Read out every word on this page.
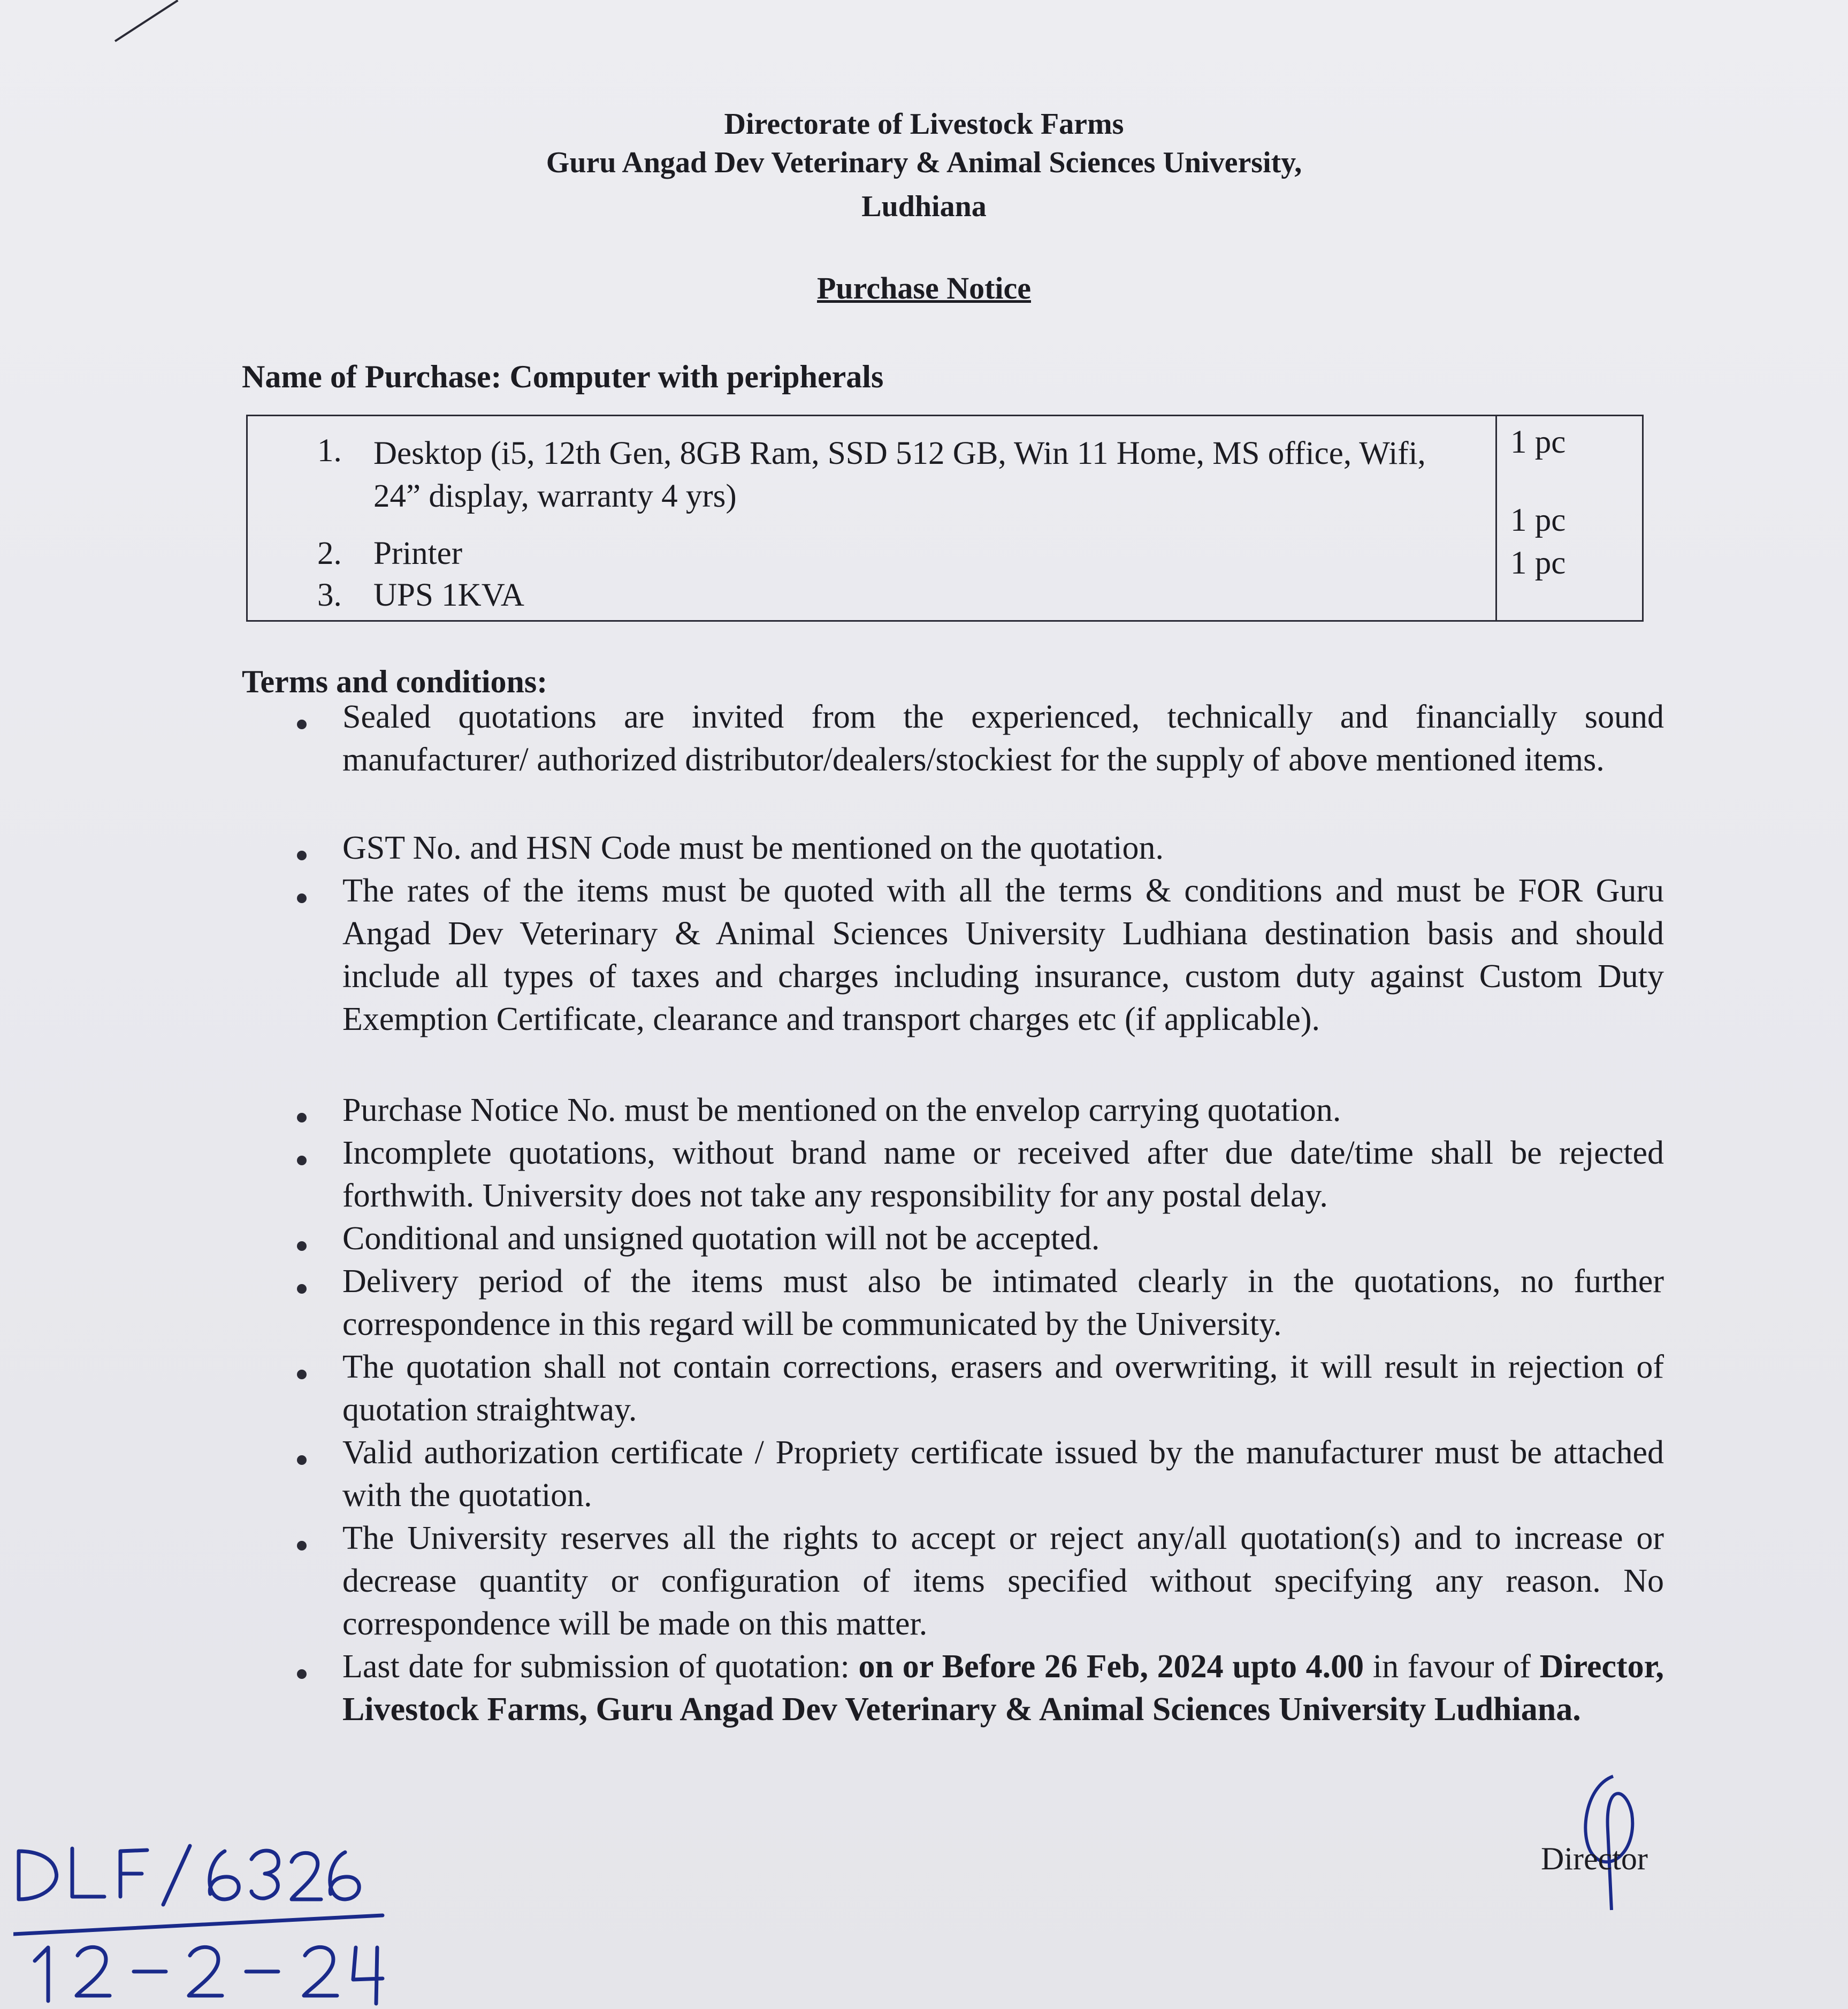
Directorate of Livestock Farms
Guru Angad Dev Veterinary & Animal Sciences University,
Ludhiana
Purchase Notice
Name of Purchase: Computer with peripherals
1. Desktop (i5, 12th Gen, 8GB Ram, SSD 512 GB, Win 11 Home, MS office, Wifi, 24” display, warranty 4 yrs)
1 pc
2. Printer
1 pc
3. UPS 1KVA
1 pc
Terms and conditions:
Sealed quotations are invited from the experienced, technically and financially sound manufacturer/ authorized distributor/dealers/stockiest for the supply of above mentioned items.
GST No. and HSN Code must be mentioned on the quotation.
The rates of the items must be quoted with all the terms & conditions and must be FOR Guru Angad Dev Veterinary & Animal Sciences University Ludhiana destination basis and should include all types of taxes and charges including insurance, custom duty against Custom Duty Exemption Certificate, clearance and transport charges etc (if applicable).
Purchase Notice No. must be mentioned on the envelop carrying quotation.
Incomplete quotations, without brand name or received after due date/time shall be rejected forthwith. University does not take any responsibility for any postal delay.
Conditional and unsigned quotation will not be accepted.
Delivery period of the items must also be intimated clearly in the quotations, no further correspondence in this regard will be communicated by the University.
The quotation shall not contain corrections, erasers and overwriting, it will result in rejection of quotation straightway.
Valid authorization certificate / Propriety certificate issued by the manufacturer must be attached with the quotation.
The University reserves all the rights to accept or reject any/all quotation(s) and to increase or decrease quantity or configuration of items specified without specifying any reason. No correspondence will be made on this matter.
Last date for submission of quotation: on or Before 26 Feb, 2024 upto 4.00 in favour of Director, Livestock Farms, Guru Angad Dev Veterinary & Animal Sciences University Ludhiana.
Director
